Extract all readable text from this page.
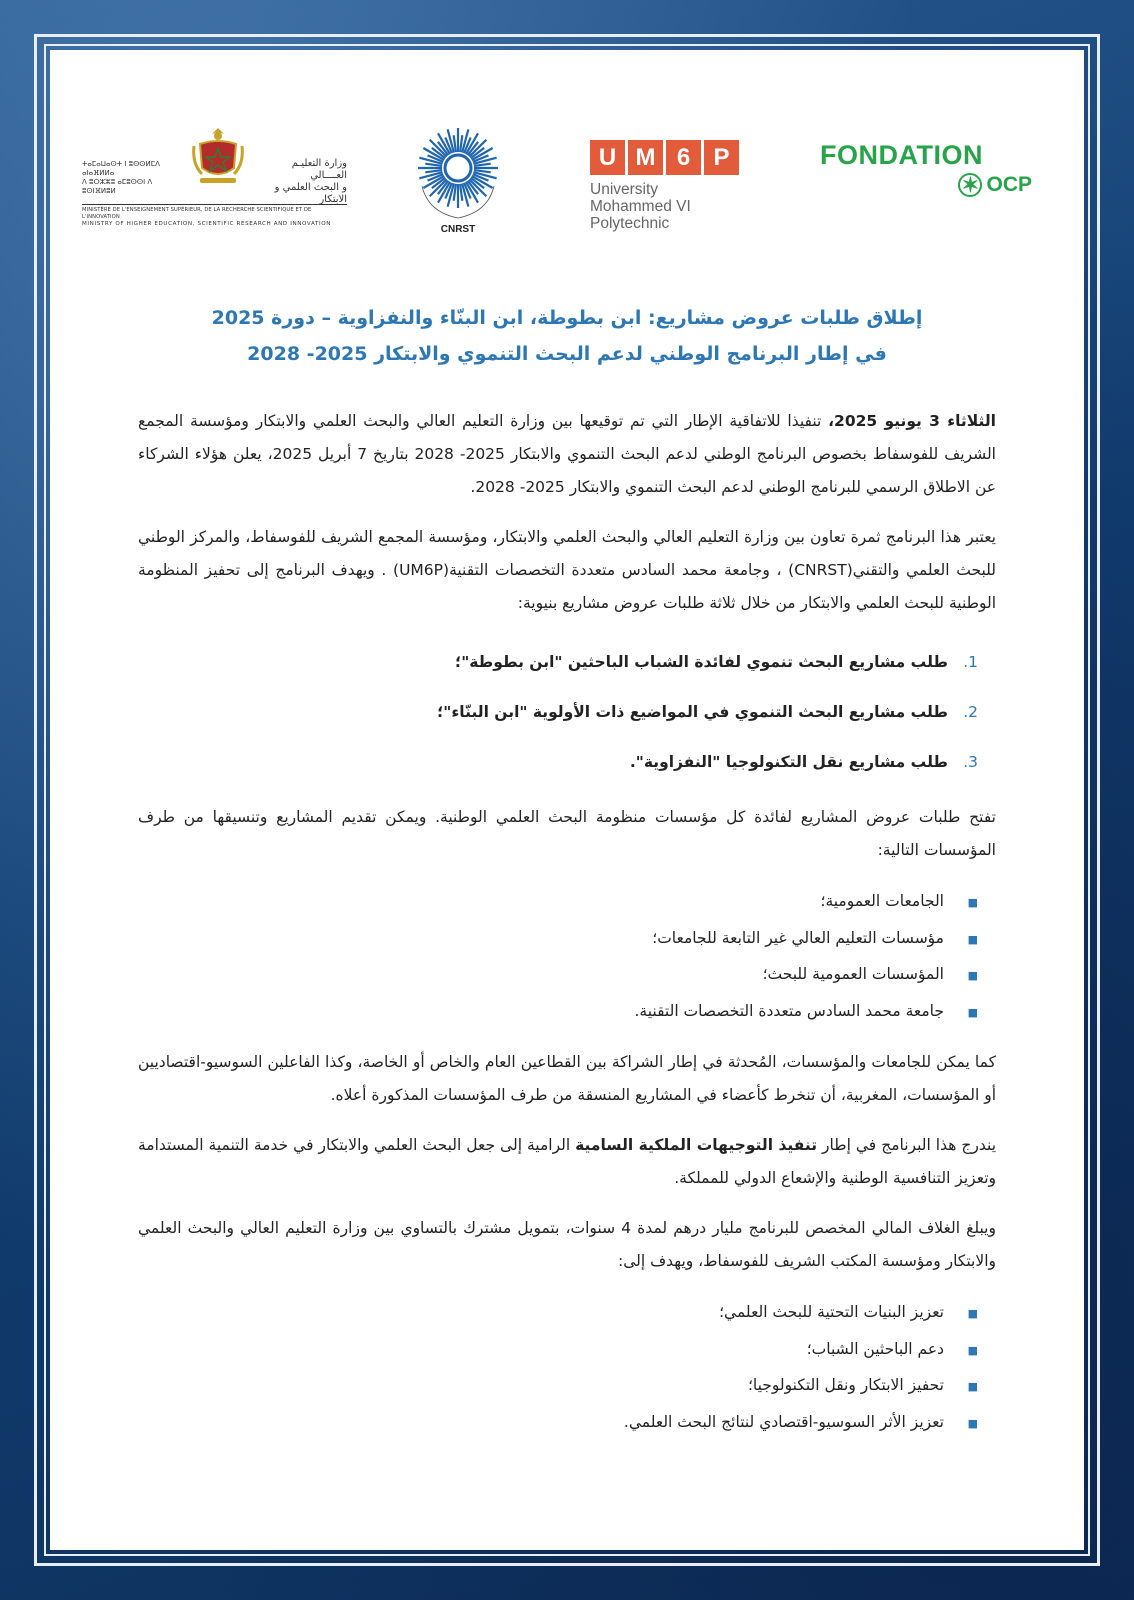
ⵜⴰⵎⴰⵡⴰⵙⵜ ⵏ ⵓⵙⵙⵍⵎⴷ ⴰⵏⴰⴼⵍⵍⴰ
ⴷ ⵓⵔⵣⵣⵓ ⴰⵎⵓⵙⵙⵏ ⴷ ⵓⵙⵏⴼⵍⵓⵍ
وزارة التعليـم العــــالي
و البحث العلمي و الابتكار
MINISTÈRE DE L'ENSEIGNEMENT SUPÉRIEUR, DE LA RECHERCHE SCIENTIFIQUE ET DE L'INNOVATION
MINISTRY OF HIGHER EDUCATION, SCIENTIFIC RESEARCH AND INNOVATION	CNRST
U M 6 P
University
Mohammed VI
Polytechnic
FONDATION
✶ OCP
إطلاق طلبات عروض مشاريع: ابن بطوطة، ابن البنّاء والنفزاوية – دورة 2025
في إطار البرنامج الوطني لدعم البحث التنموي والابتكار 2025- 2028

الثلاثاء 3 يونيو 2025، تنفيذا للاتفاقية الإطار التي تم توقيعها بين وزارة التعليم العالي والبحث العلمي والابتكار ومؤسسة المجمع الشريف للفوسفاط بخصوص البرنامج الوطني لدعم البحث التنموي والابتكار 2025- 2028 بتاريخ 7 أبريل 2025، يعلن هؤلاء الشركاء عن الاطلاق الرسمي للبرنامج الوطني لدعم البحث التنموي والابتكار 2025- 2028.

يعتبر هذا البرنامج ثمرة تعاون بين وزارة التعليم العالي والبحث العلمي والابتكار، ومؤسسة المجمع الشريف للفوسفاط، والمركز الوطني للبحث العلمي والتقني(CNRST) ، وجامعة محمد السادس متعددة التخصصات التقنية(UM6P) . ويهدف البرنامج إلى تحفيز المنظومة الوطنية للبحث العلمي والابتكار من خلال ثلاثة طلبات عروض مشاريع بنيوية:

1.طلب مشاريع البحث تنموي لفائدة الشباب الباحثين "ابن بطوطة"؛
2.طلب مشاريع البحث التنموي في المواضيع ذات الأولوية "ابن البنّاء"؛
3.طلب مشاريع نقل التكنولوجيا "النفزاوية".

تفتح طلبات عروض المشاريع لفائدة كل مؤسسات منظومة البحث العلمي الوطنية. ويمكن تقديم المشاريع وتنسيقها من طرف المؤسسات التالية:

■الجامعات العمومية؛
■مؤسسات التعليم العالي غير التابعة للجامعات؛
■المؤسسات العمومية للبحث؛
■جامعة محمد السادس متعددة التخصصات التقنية.

كما يمكن للجامعات والمؤسسات، المُحدثة في إطار الشراكة بين القطاعين العام والخاص أو الخاصة، وكذا الفاعلين السوسيو-اقتصاديين أو المؤسسات، المغربية، أن تنخرط كأعضاء في المشاريع المنسقة من طرف المؤسسات المذكورة أعلاه.

يندرج هذا البرنامج في إطار تنفيذ التوجيهات الملكية السامية الرامية إلى جعل البحث العلمي والابتكار في خدمة التنمية المستدامة وتعزيز التنافسية الوطنية والإشعاع الدولي للمملكة.

ويبلغ الغلاف المالي المخصص للبرنامج مليار درهم لمدة 4 سنوات، بتمويل مشترك بالتساوي بين وزارة التعليم العالي والبحث العلمي والابتكار ومؤسسة المكتب الشريف للفوسفاط، ويهدف إلى:

■تعزيز البنيات التحتية للبحث العلمي؛
■دعم الباحثين الشباب؛
■تحفيز الابتكار ونقل التكنولوجيا؛
■تعزيز الأثر السوسيو-اقتصادي لنتائج البحث العلمي.
